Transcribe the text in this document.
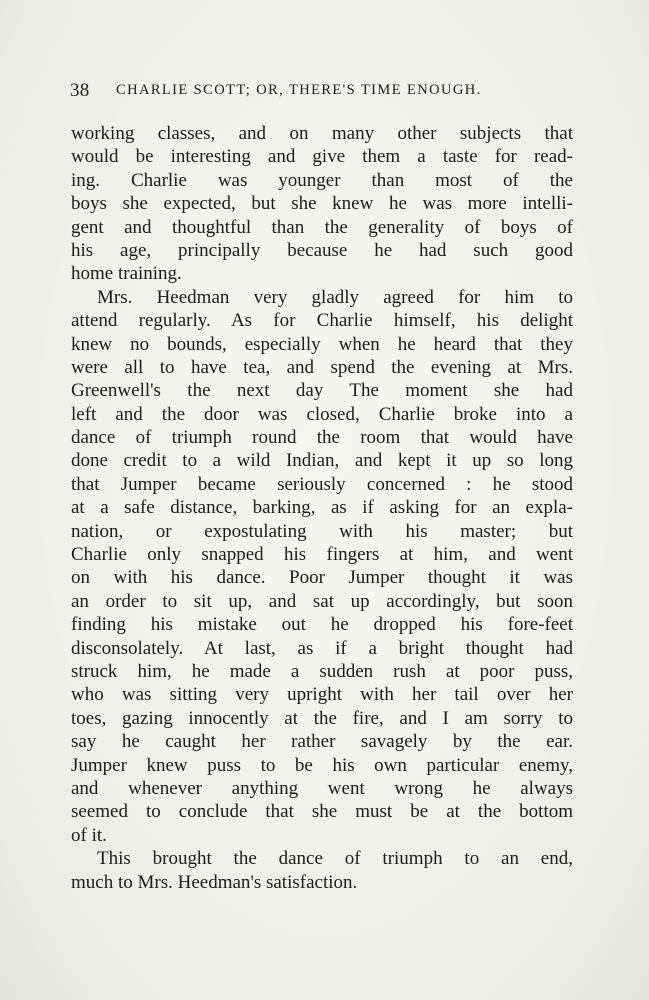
38 CHARLIE SCOTT; OR, THERE'S TIME ENOUGH.
working classes, and on many other subjects that
would be interesting and give them a taste for read-
ing. Charlie was younger than most of the
boys she expected, but she knew he was more intelli-
gent and thoughtful than the generality of boys of
his age, principally because he had such good
home training.
Mrs. Heedman very gladly agreed for him to
attend regularly. As for Charlie himself, his delight
knew no bounds, especially when he heard that they
were all to have tea, and spend the evening at Mrs.
Greenwell's the next day The moment she had
left and the door was closed, Charlie broke into a
dance of triumph round the room that would have
done credit to a wild Indian, and kept it up so long
that Jumper became seriously concerned : he stood
at a safe distance, barking, as if asking for an expla-
nation, or expostulating with his master; but
Charlie only snapped his fingers at him, and went
on with his dance. Poor Jumper thought it was
an order to sit up, and sat up accordingly, but soon
finding his mistake out he dropped his fore-feet
disconsolately. At last, as if a bright thought had
struck him, he made a sudden rush at poor puss,
who was sitting very upright with her tail over her
toes, gazing innocently at the fire, and I am sorry to
say he caught her rather savagely by the ear.
Jumper knew puss to be his own particular enemy,
and whenever anything went wrong he always
seemed to conclude that she must be at the bottom
of it.
This brought the dance of triumph to an end,
much to Mrs. Heedman's satisfaction.
